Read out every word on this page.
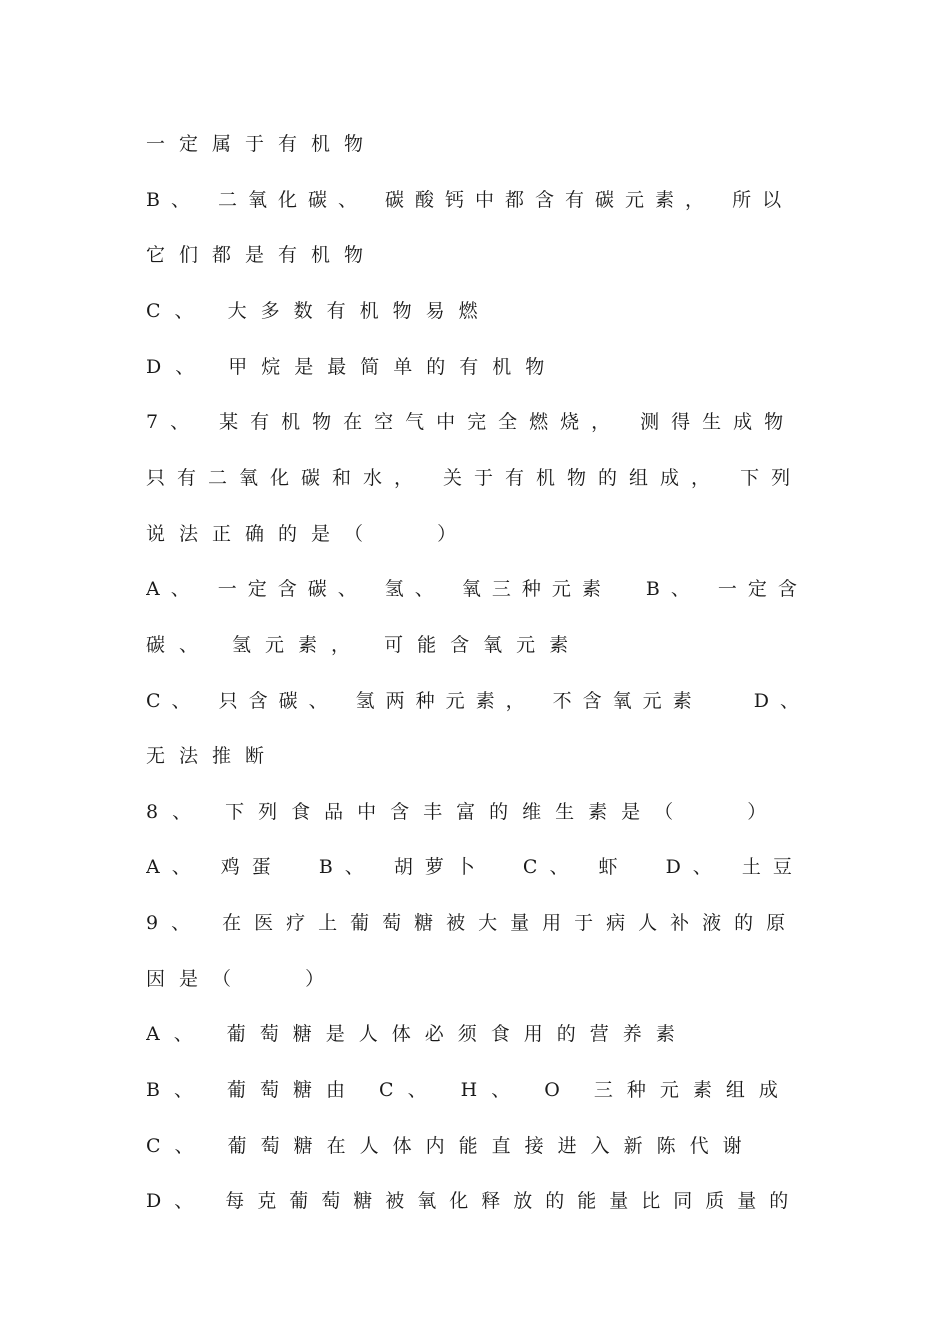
一定属于有机物
B、 二氧化碳、 碳酸钙中都含有碳元素， 所以
它们都是有机物
C、 大多数有机物易燃
D、 甲烷是最简单的有机物
7、 某有机物在空气中完全燃烧， 测得生成物
只有二氧化碳和水， 关于有机物的组成， 下列
说法正确的是（   ）
A、 一定含碳、 氢、 氧三种元素  B、 一定含
碳、 氢元素， 可能含氧元素
C、 只含碳、 氢两种元素， 不含氧元素   D、
无法推断
8、 下列食品中含丰富的维生素是（   ）
A、 鸡蛋  B、 胡萝卜  C、 虾  D、 土豆
9、 在医疗上葡萄糖被大量用于病人补液的原
因是（   ）
A、 葡萄糖是人体必须食用的营养素
B、 葡萄糖由 C、 H、 O 三种元素组成
C、 葡萄糖在人体内能直接进入新陈代谢
D、 每克葡萄糖被氧化释放的能量比同质量的
